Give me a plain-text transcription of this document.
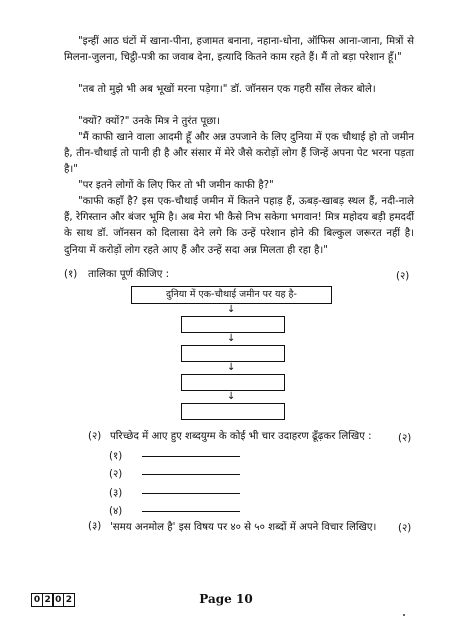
"इन्हीं आठ घंटों में खाना-पीना, हजामत बनाना, नहाना-धोना, ऑफिस आना-जाना, मित्रों से मिलना-जुलना, चिट्ठी-पत्री का जवाब देना, इत्यादि कितने काम रहते हैं। मैं तो बड़ा परेशान हूँ।"
"तब तो मुझे भी अब भूखों मरना पड़ेगा।" डॉ. जॉनसन एक गहरी साँस लेकर बोले।
"क्यों? क्यों?" उनके मित्र ने तुरंत पूछा।
"मैं काफी खाने वाला आदमी हूँ और अन्न उपजाने के लिए दुनिया में एक चौथाई हो तो जमीन है, तीन-चौथाई तो पानी ही है और संसार में मेरे जैसे करोड़ों लोग हैं जिन्हें अपना पेट भरना पड़ता है।"
"पर इतने लोगों के लिए फिर तो भी जमीन काफी है?"
"काफी कहाँ है? इस एक-चौथाई जमीन में कितने पहाड़ हैं, ऊबड़-खाबड़ स्थल हैं, नदी-नाले हैं, रेगिस्तान और बंजर भूमि है। अब मेरा भी कैसे निभ सकेगा भगवान! मित्र महोदय बड़ी हमदर्दी के साथ डॉ. जॉनसन को दिलासा देने लगे कि उन्हें परेशान होने की बिल्कुल जरूरत नहीं है। दुनिया में करोड़ों लोग रहते आए हैं और उन्हें सदा अन्न मिलता ही रहा है।"
(१) तालिका पूर्ण कीजिए :	(२)
दुनिया में एक-चौथाई जमीन पर यह है-
↓
↓
↓
↓
(२) परिच्छेद में आए हुए शब्दयुग्म के कोई भी चार उदाहरण ढूँढ़कर लिखिए :	(२)
(१)
(२)
(३)
(४)
(३) 'समय अनमोल है' इस विषय पर ४० से ५० शब्दों में अपने विचार लिखिए।	(२)
0 2 0 2	Page 10
